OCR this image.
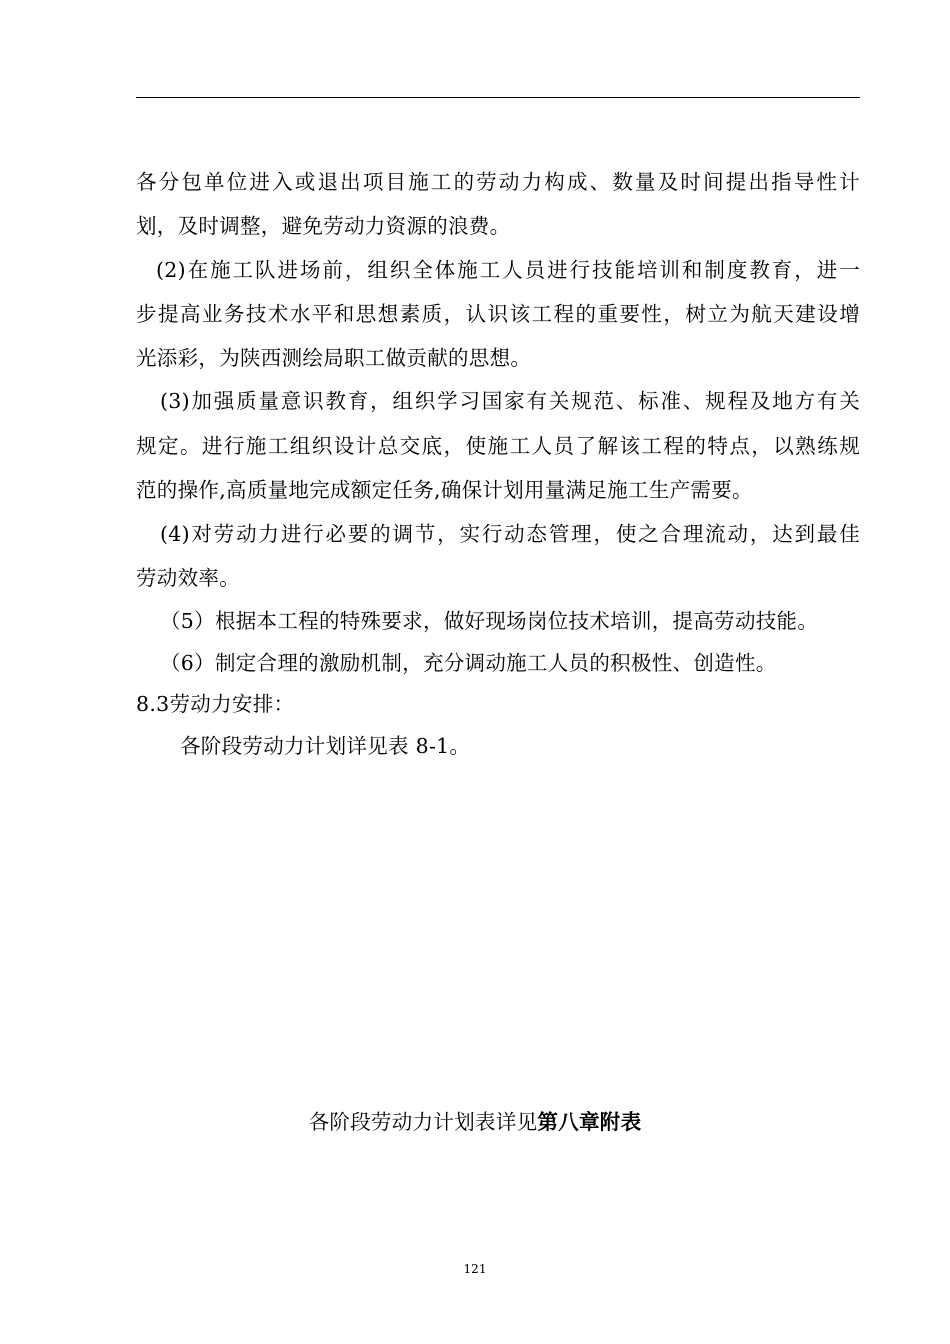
各分包单位进入或退出项目施工的劳动力构成、数量及时间提出指导性计
划，及时调整，避免劳动力资源的浪费。
(2)在施工队进场前，组织全体施工人员进行技能培训和制度教育，进一
步提高业务技术水平和思想素质，认识该工程的重要性，树立为航天建设增
光添彩，为陕西测绘局职工做贡献的思想。
(3)加强质量意识教育，组织学习国家有关规范、标准、规程及地方有关
规定。进行施工组织设计总交底，使施工人员了解该工程的特点，以熟练规
范的操作,高质量地完成额定任务,确保计划用量满足施工生产需要。
(4)对劳动力进行必要的调节，实行动态管理，使之合理流动，达到最佳
劳动效率。
（5）根据本工程的特殊要求，做好现场岗位技术培训，提高劳动技能。
（6）制定合理的激励机制，充分调动施工人员的积极性、创造性。
8.3劳动力安排：
各阶段劳动力计划详见表 8-1。
各阶段劳动力计划表详见第八章附表
121
